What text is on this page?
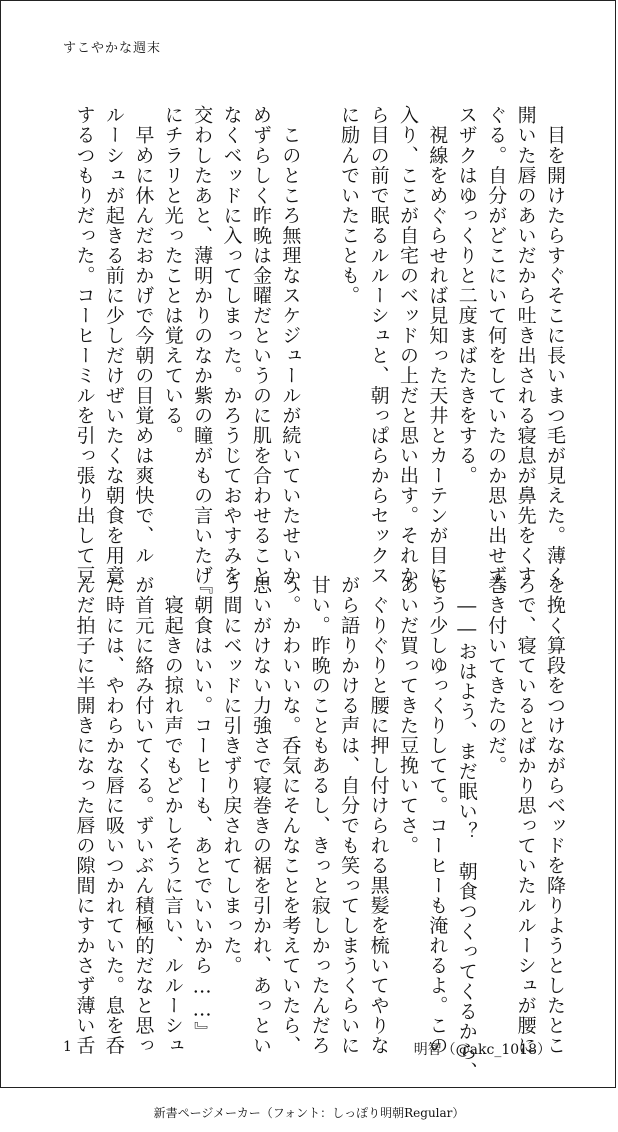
すこやかな週末
　目を開けたらすぐそこに長いまつ毛が見えた。薄く
開いた唇のあいだから吐き出される寝息が鼻先をくす
ぐる。自分がどこにいて何をしていたのか思い出せず、
スザクはゆっくりと二度まばたきをする。
　視線をめぐらせれば見知った天井とカーテンが目に
入り、ここが自宅のベッドの上だと思い出す。それか
ら目の前で眠るルルーシュと、朝っぱらからセックス
に励んでいたことも。

　このところ無理なスケジュールが続いていたせいか、
めずらしく昨晩は金曜だというのに肌を合わせること
なくベッドに入ってしまった。かろうじておやすみを
交わしたあと、薄明かりのなか紫の瞳がもの言いたげ
にチラリと光ったことは覚えている。
　早めに休んだおかげで今朝の目覚めは爽快で、ル
ルーシュが起きる前に少しだけぜいたくな朝食を用意
するつもりだった。コーヒーミルを引っ張り出して豆
を挽く算段をつけながらベッドを降りようとしたとこ
ろで、寝ているとばかり思っていたルルーシュが腰に
巻き付いてきたのだ。
　――おはよう、まだ眠い？　朝食つくってくるから、
もう少しゆっくりしてて。コーヒーも淹れるよ。この
あいだ買ってきた豆挽いてさ。
　ぐりぐりと腰に押し付けられる黒髪を梳いてやりな
がら語りかける声は、自分でも笑ってしまうくらいに
甘い。昨晩のこともあるし、きっと寂しかったんだろ
う。かわいいな。呑気にそんなことを考えていたら、
思いがけない力強さで寝巻きの裾を引かれ、あっとい
う間にベッドに引きずり戻されてしまった。
『朝食はいい。コーヒーも、あとでいいから……』
　寝起きの掠れ声でもどかしそうに言い、ルルーシュ
が首元に絡み付いてくる。ずいぶん積極的だなと思っ
た時には、やわらかな唇に吸いつかれていた。息を呑
んだ拍子に半開きになった唇の隙間にすかさず薄い舌
1	明智（@akc_1018）
新書ページメーカー（フォント：しっぽり明朝Regular）
